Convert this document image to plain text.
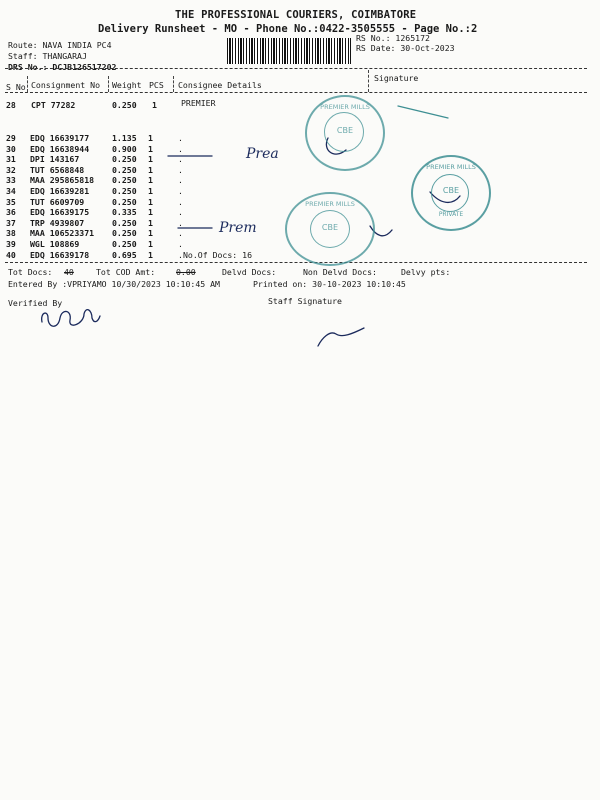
THE PROFESSIONAL COURIERS, COIMBATORE
Delivery Runsheet - MO - Phone No.:0422-3505555 - Page No.:2
Route: NAVA INDIA PC4
Staff: THANGARAJ
DRS No.: DCJB126517202
RS No.: 1265172
RS Date: 30-Oct-2023
S No Consignment No Weight PCS Consignee Details
Signature
28 CPT 77282	0.250 1	PREMIER
29	EDQ 16639177	1.135	1	.
30	EDQ 16638944	0.900	1	.
31	DPI 143167	0.250	1	.
32	TUT 6568848	0.250	1	.
33	MAA 295865818	0.250	1	.
34	EDQ 16639281	0.250	1	.
35	TUT 6609709	0.250	1	.
36	EDQ 16639175	0.335	1	.
37	TRP 4939807	0.250	1	.
38	MAA 106523371	0.250	1	.
39	WGL 108869	0.250	1	.
40	EDQ 16639178	0.695	1	. No.Of Docs: 16
Tot Docs: 40	Tot COD Amt:	0.00	Delvd Docs:	Non Delvd Docs:	Delvy pts:
Entered By :VPRIYAMO 10/30/2023 10:10:45 AM	Printed on: 30-10-2023 10:10:45
Verified By	Staff Signature
Prea
Prem
PREMIER MILLS
CBE
PREMIER MILLS
CBE
PREMIER MILLS
CBE
PRIVATE
